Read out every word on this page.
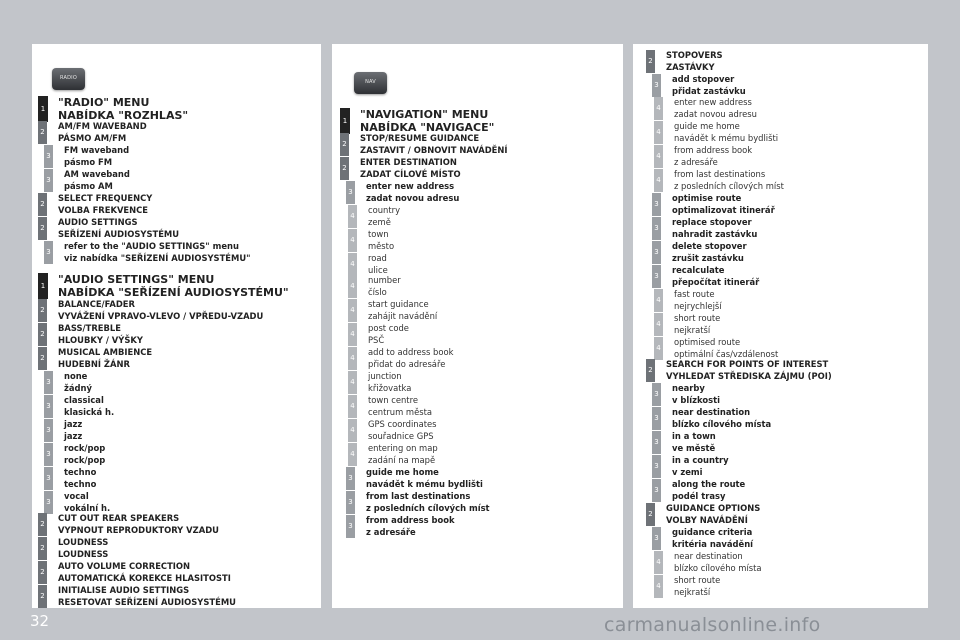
RADIO
NAV
1 "RADIO" MENU
NABÍDKA "ROZHLAS"
2
AM/FM WAVEBAND
PÁSMO AM/FM
3
FM waveband
pásmo FM
3
AM waveband
pásmo AM
2
SELECT FREQUENCY
VOLBA FREKVENCE
2
AUDIO SETTINGS
SEŘÍZENÍ AUDIOSYSTÉMU
3
refer to the "AUDIO SETTINGS" menu
viz nabídka "SEŘÍZENÍ AUDIOSYSTÉMU"
1 "AUDIO SETTINGS" MENU
NABÍDKA "SEŘÍZENÍ AUDIOSYSTÉMU"
2
BALANCE/FADER
VYVÁŽENÍ VPRAVO-VLEVO / VPŘEDU-VZADU
2
BASS/TREBLE
HLOUBKY / VÝŠKY
2
MUSICAL AMBIENCE
HUDEBNÍ ŽÁNR
3
none
žádný
3
classical
klasická h.
3
jazz
jazz
3
rock/pop
rock/pop
3
techno
techno
3
vocal
vokální h.
2
CUT OUT REAR SPEAKERS
VYPNOUT REPRODUKTORY VZADU
2
LOUDNESS
LOUDNESS
2
AUTO VOLUME CORRECTION
AUTOMATICKÁ KOREKCE HLASITOSTI
2
INITIALISE AUDIO SETTINGS
RESETOVAT SEŘÍZENÍ AUDIOSYSTÉMU
1 "NAVIGATION" MENU
NABÍDKA "NAVIGACE"
2
STOP/RESUME GUIDANCE
ZASTAVIT / OBNOVIT NAVÁDĚNÍ
2
ENTER DESTINATION
ZADAT CÍLOVÉ MÍSTO
3
enter new address
zadat novou adresu
4
country
země
4
town
město
4
road
ulice
4
number
číslo
4
start guidance
zahájit navádění
4
post code
PSČ
4
add to address book
přidat do adresáře
4
junction
křižovatka
4
town centre
centrum města
4
GPS coordinates
souřadnice GPS
4
entering on map
zadání na mapě
3
guide me home
navádět k mému bydlišti
3
from last destinations
z posledních cílových míst
3
from address book
z adresáře
2
STOPOVERS
ZASTÁVKY
3
add stopover
přidat zastávku
4
enter new address
zadat novou adresu
4
guide me home
navádět k mému bydlišti
4
from address book
z adresáře
4
from last destinations
z posledních cílových míst
3
optimise route
optimalizovat itinerář
3
replace stopover
nahradit zastávku
3
delete stopover
zrušit zastávku
3
recalculate
přepočítat itinerář
4
fast route
nejrychlejší
4
short route
nejkratší
4
optimised route
optimální čas/vzdálenost
2
SEARCH FOR POINTS OF INTEREST
VYHLEDAT STŘEDISKA ZÁJMU (POI)
3
nearby
v blízkosti
3
near destination
blízko cílového místa
3
in a town
ve městě
3
in a country
v zemi
3
along the route
podél trasy
2
GUIDANCE OPTIONS
VOLBY NAVÁDĚNÍ
3
guidance criteria
kritéria navádění
4
near destination
blízko cílového místa
4
short route
nejkratší
32	carmanualsonline.info
